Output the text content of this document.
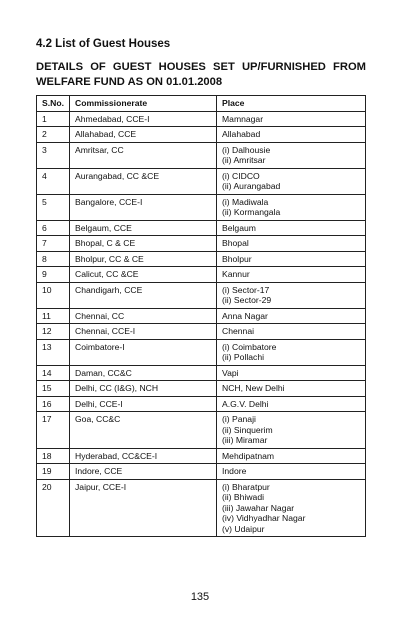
4.2 List of Guest Houses
DETAILS OF GUEST HOUSES SET UP/FURNISHED FROM WELFARE FUND AS ON 01.01.2008
S.No.	Commissionerate	Place
1	Ahmedabad, CCE-I	Mamnagar

2	Allahabad, CCE	Allahabad

3	Amritsar, CC	(i) Dalhousie
(ii) Amritsar

4	Aurangabad, CC &CE	(i) CIDCO
(ii) Aurangabad

5	Bangalore, CCE-I	(i) Madiwala
(ii) Kormangala

6	Belgaum, CCE	Belgaum

7	Bhopal, C & CE	Bhopal

8	Bholpur, CC & CE	Bholpur

9	Calicut, CC &CE	Kannur

10	Chandigarh, CCE	(i) Sector-17
(ii) Sector-29

11	Chennai, CC	Anna Nagar

12	Chennai, CCE-I	Chennai

13	Coimbatore-I	(i) Coimbatore
(ii) Pollachi

14	Daman, CC&C	Vapi

15	Delhi, CC (I&G), NCH	NCH, New Delhi

16	Delhi, CCE-I	A.G.V. Delhi

17	Goa, CC&C	(i) Panaji
(ii) Sinquerim
(iii) Miramar

18	Hyderabad, CC&CE-I	Mehdipatnam

19	Indore, CCE	Indore

20	Jaipur, CCE-I	(i) Bharatpur
(ii) Bhiwadi
(iii) Jawahar Nagar
(iv) Vidhyadhar Nagar
(v) Udaipur
135
